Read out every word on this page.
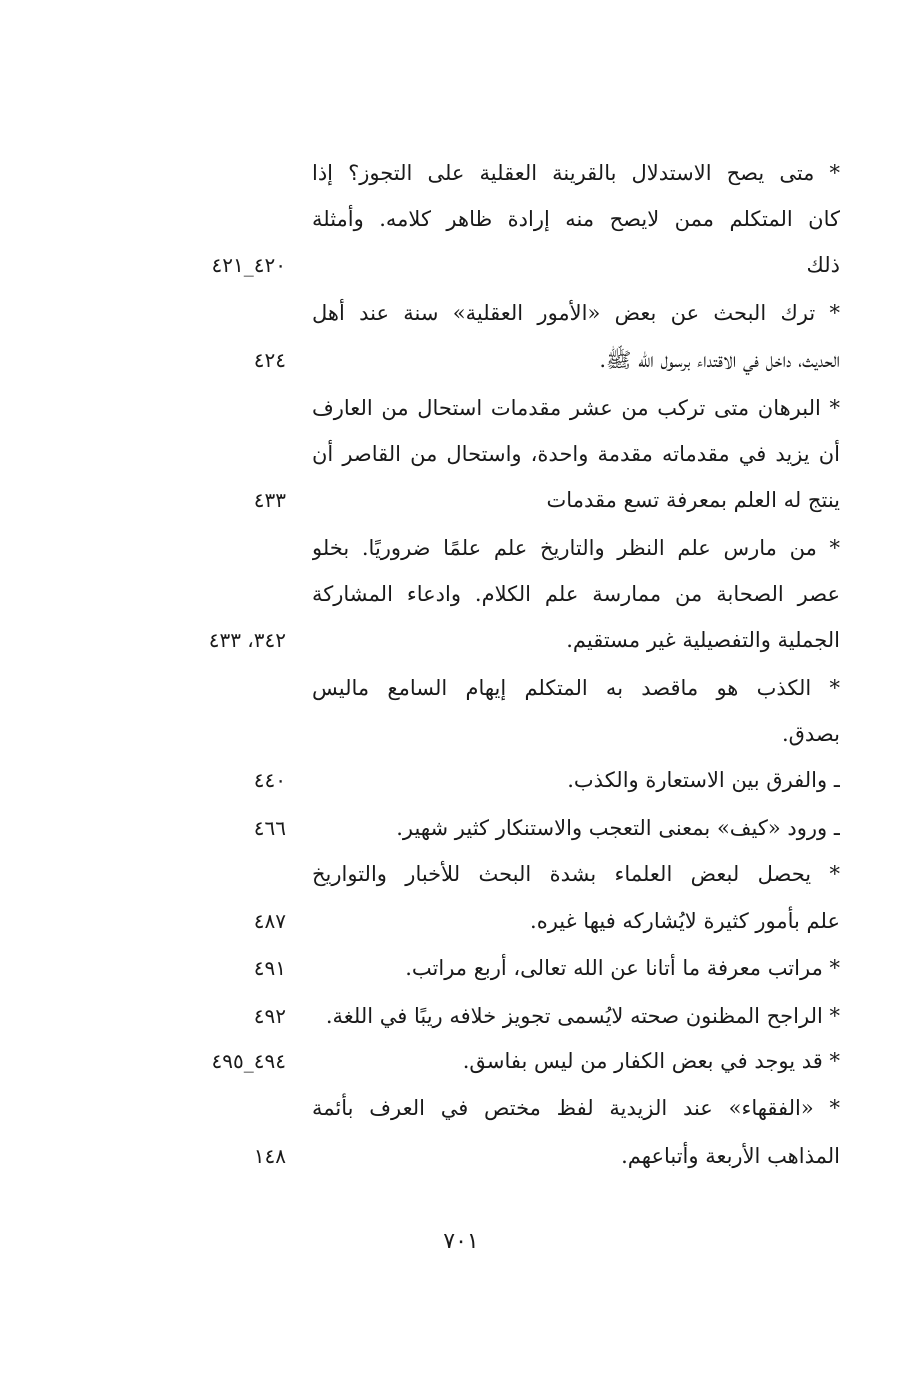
* متى يصح الاستدلال بالقرينة العقلية على التجوز؟ إذا
كان المتكلم ممن لايصح منه إرادة ظاهر كلامه. وأمثلة
ذلك
٤٢٠_٤٢١
* ترك البحث عن بعض «الأمور العقلية» سنة عند أهل
الحديث، داخل في الاقتداء برسول الله ﷺ.
٤٢٤
* البرهان متى تركب من عشر مقدمات استحال من العارف
أن يزيد في مقدماته مقدمة واحدة، واستحال من القاصر أن
ينتج له العلم بمعرفة تسع مقدمات
٤٣٣
* من مارس علم النظر والتاريخ علم علمًا ضروريًا. بخلو
عصر الصحابة من ممارسة علم الكلام. وادعاء المشاركة
الجملية والتفصيلية غير مستقيم.
٣٤٢، ٤٣٣
* الكذب هو ماقصد به المتكلم إيهام السامع ماليس
بصدق.
ـ والفرق بين الاستعارة والكذب.
٤٤٠
ـ ورود «كيف» بمعنى التعجب والاستنكار كثير شهير.
٤٦٦
* يحصل لبعض العلماء بشدة البحث للأخبار والتواريخ
علم بأمور كثيرة لايُشاركه فيها غيره.
٤٨٧
* مراتب معرفة ما أتانا عن الله تعالى، أربع مراتب.
٤٩١
* الراجح المظنون صحته لايُسمى تجويز خلافه ريبًا في اللغة.
٤٩٢
* قد يوجد في بعض الكفار من ليس بفاسق.
٤٩٤_٤٩٥
* «الفقهاء» عند الزيدية لفظ مختص في العرف بأئمة
المذاهب الأربعة وأتباعهم.
١٤٨
٧٠١
